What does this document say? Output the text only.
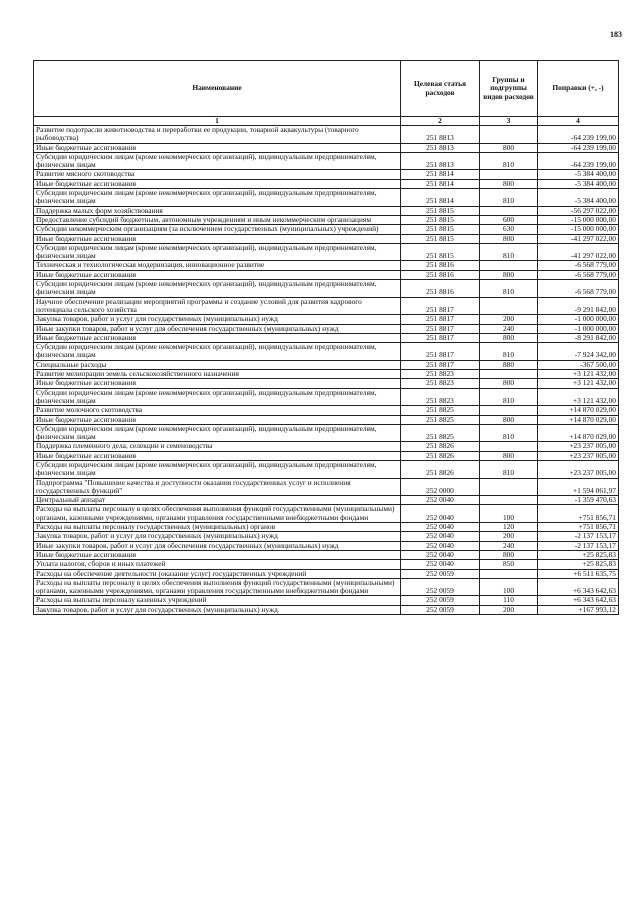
183
Наименование	Целевая статья расходов	Группы и подгруппы видов расходов	Поправки (+, -)
1	2	3	4
Развитие подотрасли животноводства и переработки ее продукции, товарной аквакультуры (товарного рыбоводства)	251 8813		-64 239 199,00
Иные бюджетные ассигнования	251 8813	800	-64 239 199,00
Субсидии юридическим лицам (кроме некоммерческих организаций), индивидуальным предпринимателям, физическим лицам	251 8813	810	-64 239 199,00
Развитие мясного скотоводства	251 8814		-5 384 400,00
Иные бюджетные ассигнования	251 8814	800	-5 384 400,00
Субсидии юридическим лицам (кроме некоммерческих организаций), индивидуальным предпринимателям, физическим лицам	251 8814	810	-5 384 400,00
Поддержка малых форм хозяйствования	251 8815		-56 297 022,00
Предоставление субсидий бюджетным, автономным учреждениям и иным некоммерческим организациям	251 8815	600	-15 000 000,00
Субсидии некоммерческим организациям (за исключением государственных (муниципальных) учреждений)	251 8815	630	-15 000 000,00
Иные бюджетные ассигнования	251 8815	800	-41 297 022,00
Субсидии юридическим лицам (кроме некоммерческих организаций), индивидуальным предпринимателям, физическим лицам	251 8815	810	-41 297 022,00
Техническая и технологическая модернизация, инновационное развитие	251 8816		-6 568 779,00
Иные бюджетные ассигнования	251 8816	800	-6 568 779,00
Субсидии юридическим лицам (кроме некоммерческих организаций), индивидуальным предпринимателям, физическим лицам	251 8816	810	-6 568 779,00
Научное обеспечение реализации мероприятий программы и создание условий для развития кадрового потенциала сельского хозяйства	251 8817		-9 291 842,00
Закупка товаров, работ и услуг для государственных (муниципальных) нужд	251 8817	200	-1 000 000,00
Иные закупки товаров, работ и услуг для обеспечения государственных (муниципальных) нужд	251 8817	240	-1 000 000,00
Иные бюджетные ассигнования	251 8817	800	-8 291 842,00
Субсидии юридическим лицам (кроме некоммерческих организаций), индивидуальным предпринимателям, физическим лицам	251 8817	810	-7 924 342,00
Специальные расходы	251 8817	880	-367 500,00
Развитие мелиорации земель сельскохозяйственного назначения	251 8823		+3 121 432,00
Иные бюджетные ассигнования	251 8823	800	+3 121 432,00
Субсидии юридическим лицам (кроме некоммерческих организаций), индивидуальным предпринимателям, физическим лицам	251 8823	810	+3 121 432,00
Развитие молочного скотоводства	251 8825		+14 870 029,00
Иные бюджетные ассигнования	251 8825	800	+14 870 029,00
Субсидии юридическим лицам (кроме некоммерческих организаций), индивидуальным предпринимателям, физическим лицам	251 8825	810	+14 870 029,00
Поддержка племенного дела, селекции и семеноводства	251 8826		+23 237 005,00
Иные бюджетные ассигнования	251 8826	800	+23 237 005,00
Субсидии юридическим лицам (кроме некоммерческих организаций), индивидуальным предпринимателям, физическим лицам	251 8826	810	+23 237 005,00
Подпрограмма "Повышение качества и доступности оказания государственных услуг и исполнения государственных функций"	252 0000		+1 594 061,97
Центральный аппарат	252 0040		-1 359 470,63
Расходы на выплаты персоналу в целях обеспечения выполнения функций государственными (муниципальными) органами, казенными учреждениями, органами управления государственными внебюджетными фондами	252 0040	100	+751 856,71
Расходы на выплаты персоналу государственных (муниципальных) органов	252 0040	120	+751 856,71
Закупка товаров, работ и услуг для государственных (муниципальных) нужд	252 0040	200	-2 137 153,17
Иные закупки товаров, работ и услуг для обеспечения государственных (муниципальных) нужд	252 0040	240	-2 137 153,17
Иные бюджетные ассигнования	252 0040	800	+25 825,83
Уплата налогов, сборов и иных платежей	252 0040	850	+25 825,83
Расходы на обеспечение деятельности (оказание услуг) государственных учреждений	252 0059		+6 511 635,75
Расходы на выплаты персоналу в целях обеспечения выполнения функций государственными (муниципальными) органами, казенными учреждениями, органами управления государственными внебюджетными фондами	252 0059	100	+6 343 642,63
Расходы на выплаты персоналу казенных учреждений	252 0059	110	+6 343 642,63
Закупка товаров, работ и услуг для государственных (муниципальных) нужд	252 0059	200	+167 993,12
